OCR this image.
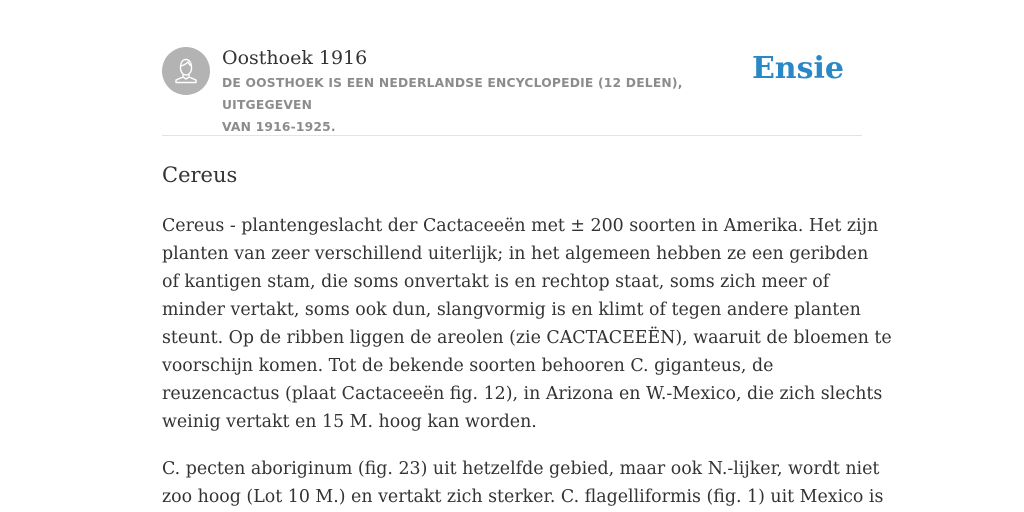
Oosthoek 1916
DE OOSTHOEK IS EEN NEDERLANDSE ENCYCLOPEDIE (12 DELEN), UITGEGEVEN
VAN 1916-1925.
Ensie
Cereus

Cereus - plantengeslacht der Cactaceeën met ± 200 soorten in Amerika. Het zijn
planten van zeer verschillend uiterlijk; in het algemeen hebben ze een geribden
of kantigen stam, die soms onvertakt is en rechtop staat, soms zich meer of
minder vertakt, soms ook dun, slangvormig is en klimt of tegen andere planten
steunt. Op de ribben liggen de areolen (zie CACTACEEËN), waaruit de bloemen te
voorschijn komen. Tot de bekende soorten behooren C. giganteus, de
reuzencactus (plaat Cactaceeën fig. 12), in Arizona en W.-Mexico, die zich slechts
weinig vertakt en 15 M. hoog kan worden.

C. pecten aboriginum (fig. 23) uit hetzelfde gebied, maar ook N.-lijker, wordt niet
zoo hoog (Lot 10 M.) en vertakt zich sterker. C. flagelliformis (fig. 1) uit Mexico is
